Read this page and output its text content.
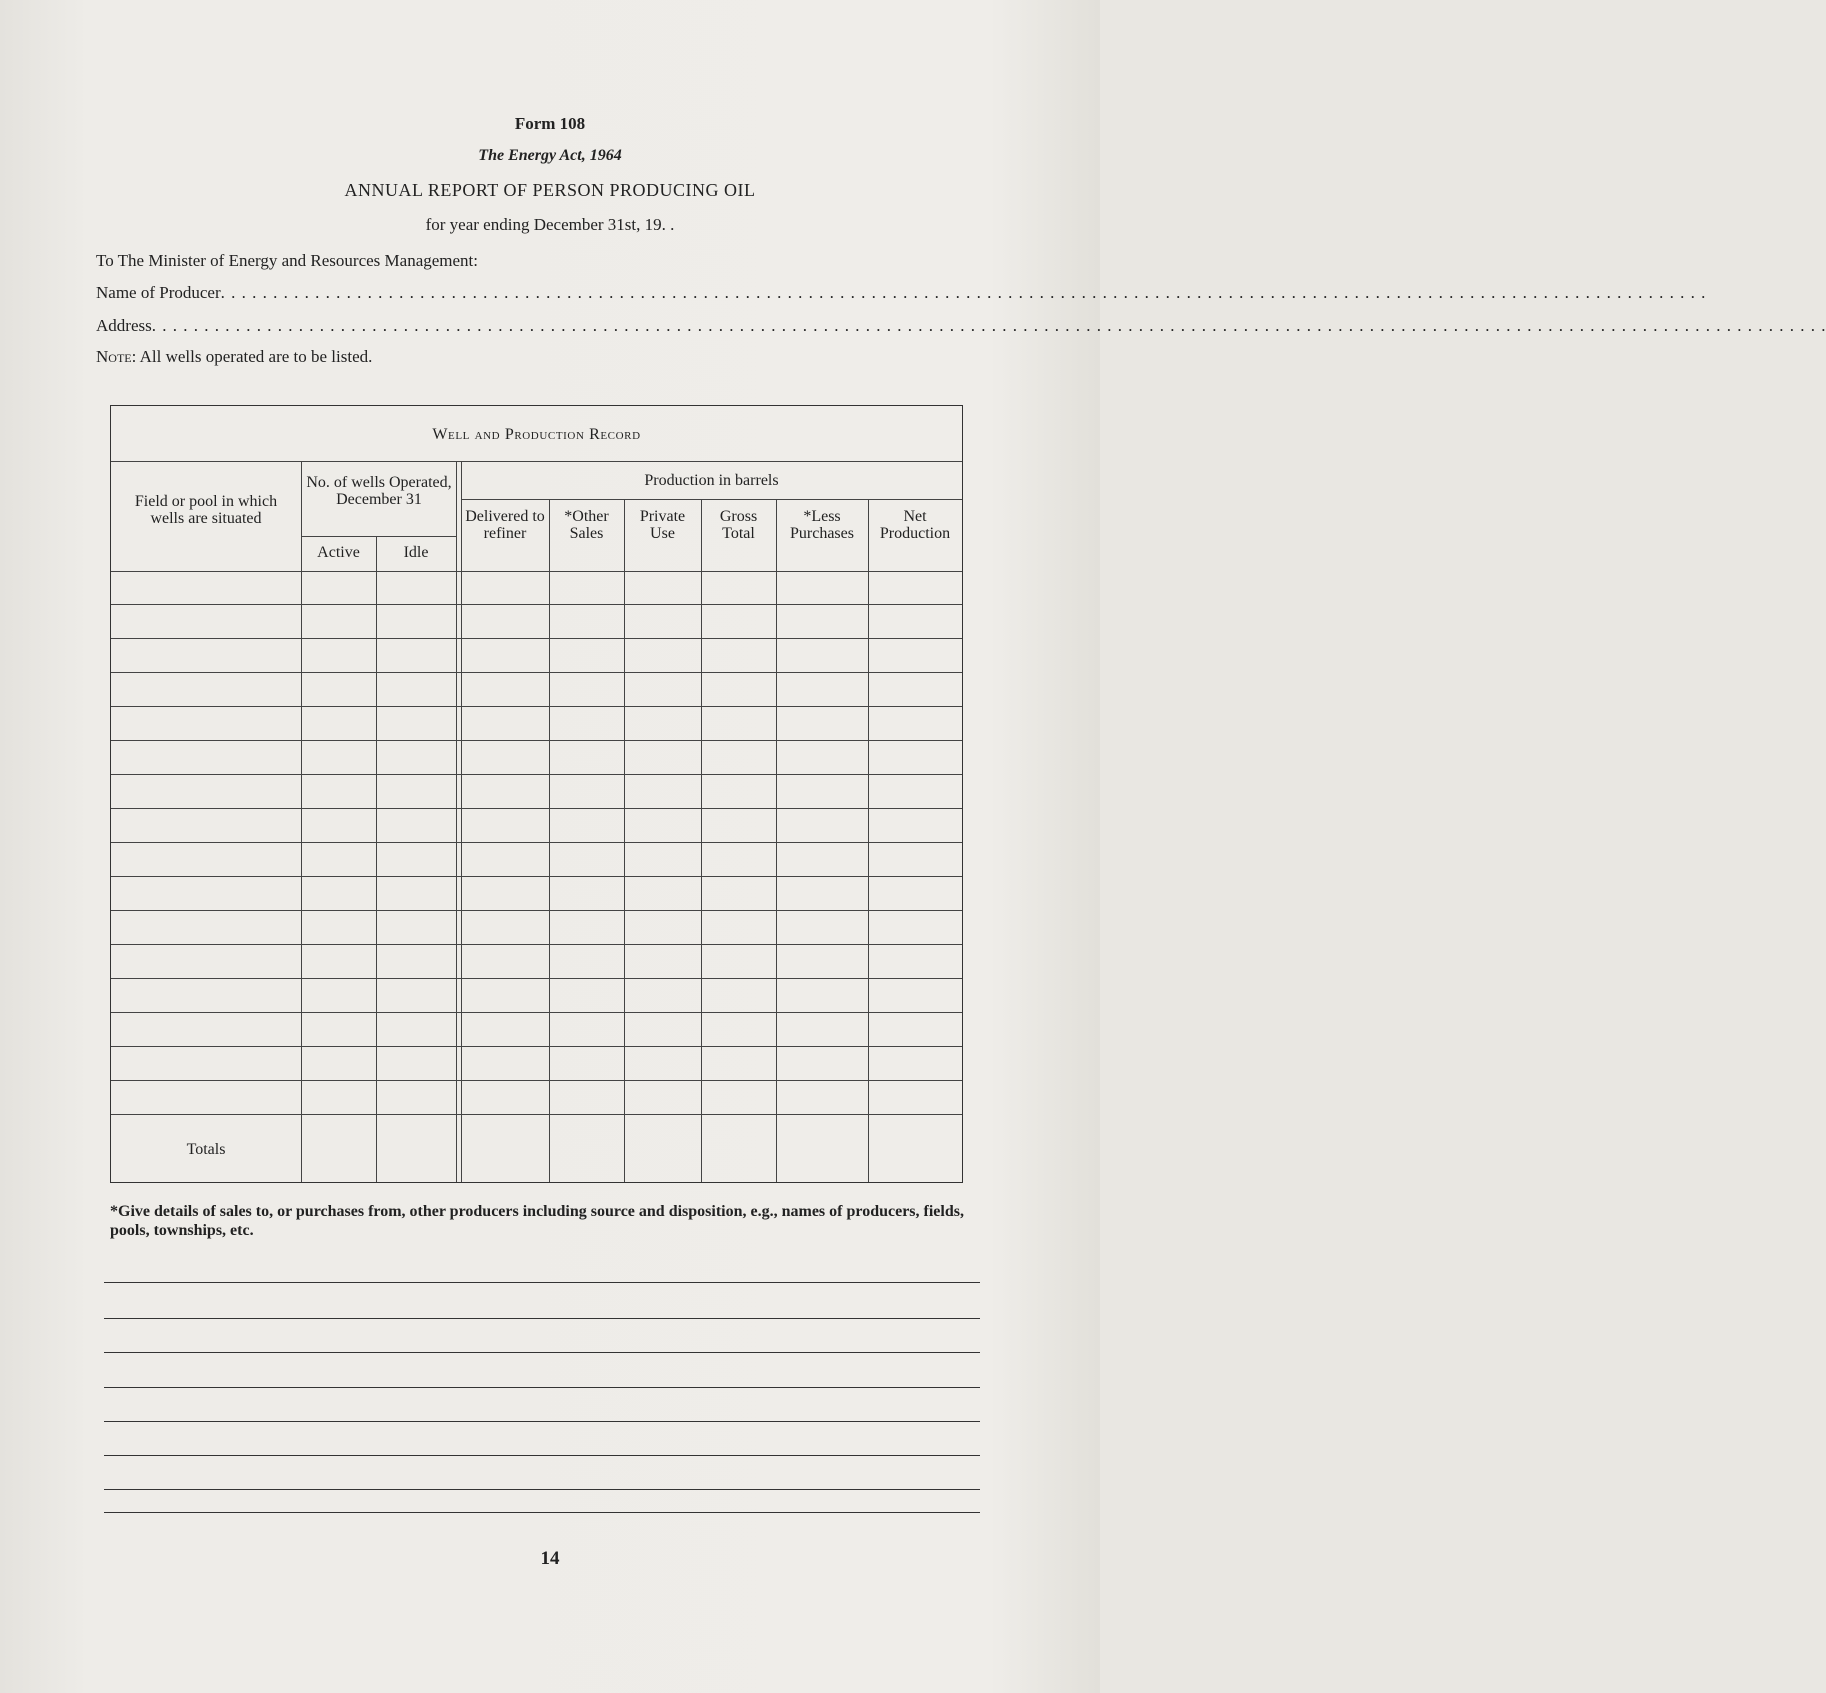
Form 108
The Energy Act, 1964
ANNUAL REPORT OF PERSON PRODUCING OIL
for year ending December 31st, 19. .
To The Minister of Energy and Resources Management:
Name of Producer. . . . . . . . . . . . . . . . . . . . . . . . . . . . . . . . . . . . . . . . . . . . . . . . . . . . . . . . . . . . . . . . . . . . . . . . . . . . . . . . . . . . . . . . . . . . . . . . . . . . . . . . . . . . . . . . . . . . . . . . . . . . . . . . . . . . . . . . . . . . . .
Address. . . . . . . . . . . . . . . . . . . . . . . . . . . . . . . . . . . . . . . . . . . . . . . . . . . . . . . . . . . . . . . . . . . . . . . . . . . . . . . . . . . . . . . . . . . . . . . . . . . . . . . . . . . . . . . . . . . . . . . . . . . . . . . . . . . . . . . . . . . . . . . . . . . . . . . . . . . . . . . .
Note: All wells operated are to be listed.
Well and Production Record
Field or pool in which wells are situated
No. of wells Operated, December 31
Active	Idle
Production in barrels
Delivered to refiner
*Other Sales
Private Use
Gross Total
*Less Purchases
Net Production
Totals
*Give details of sales to, or purchases from, other producers including source and disposition, e.g., names of producers, fields, pools, townships, etc.
14
